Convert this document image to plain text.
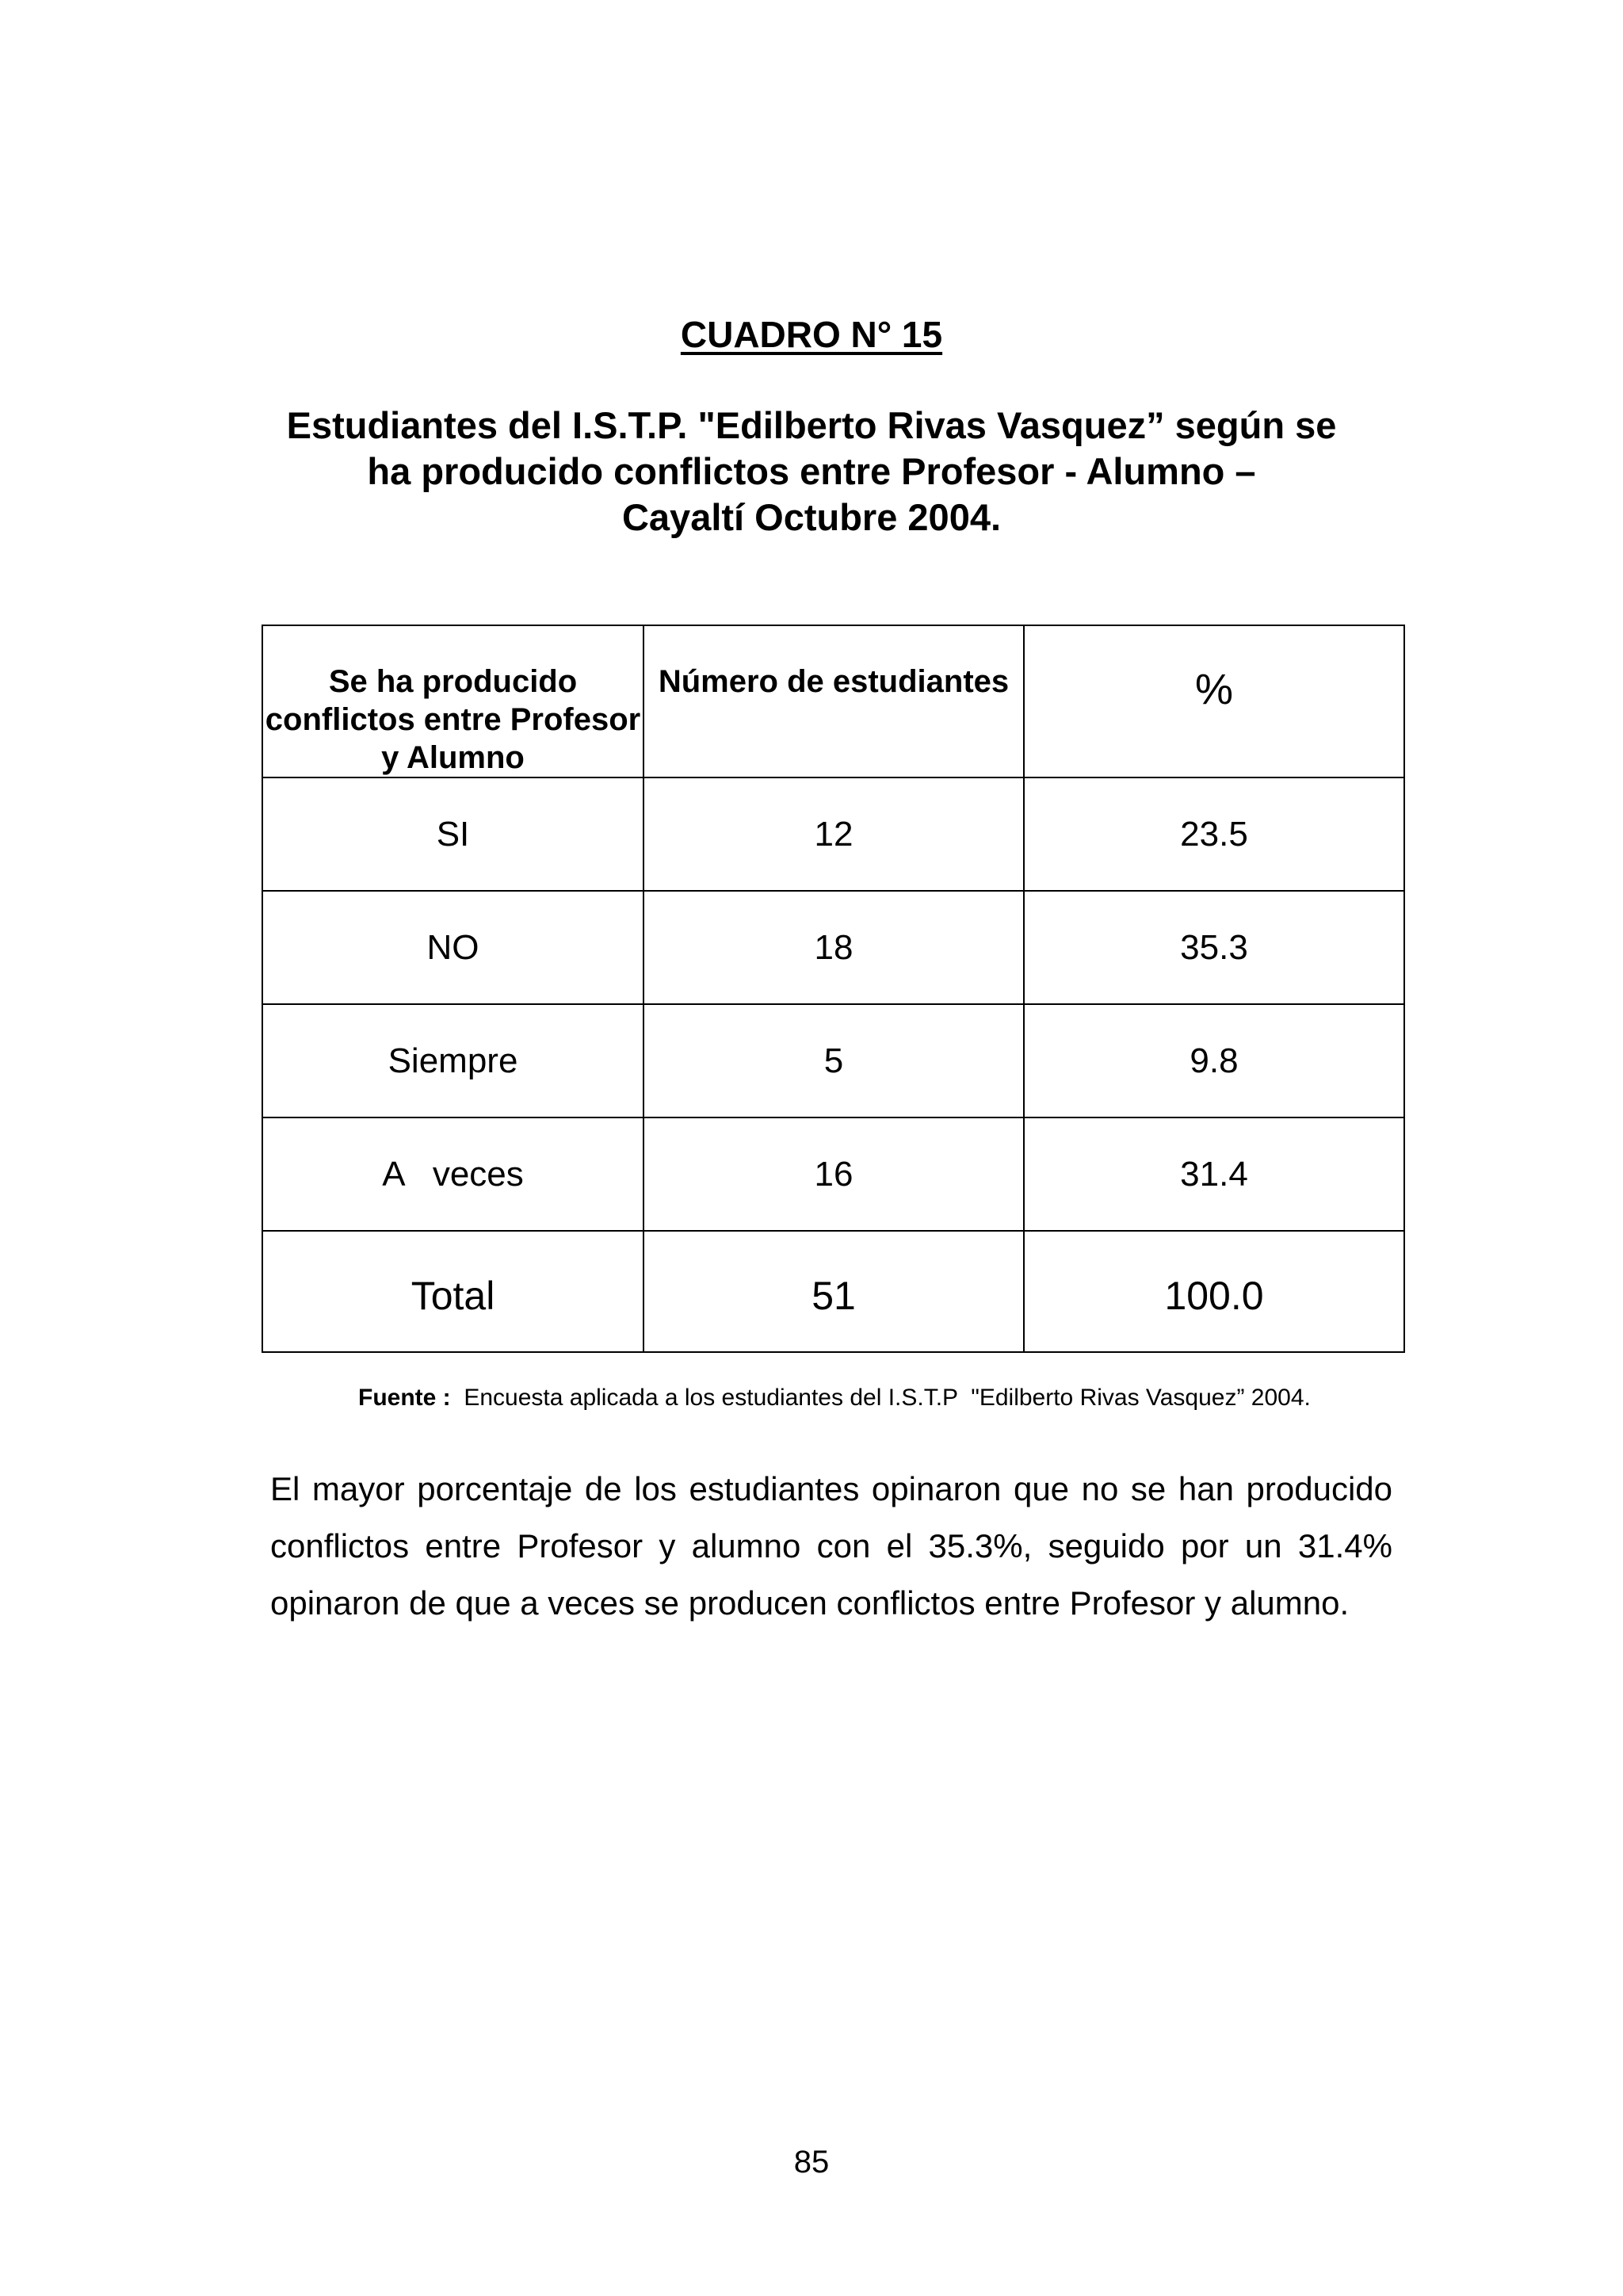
CUADRO N° 15
Estudiantes del I.S.T.P. "Edilberto Rivas Vasquez” según se
ha producido conflictos entre Profesor - Alumno –
Cayaltí Octubre 2004.
Se ha producido conflictos entre Profesor y Alumno	Número de estudiantes	%

SI	12	23.5
NO	18	35.3
Siempre	5	9.8
A   veces	16	31.4
Total	51	100.0
Fuente : Encuesta aplicada a los estudiantes del I.S.T.P  "Edilberto Rivas Vasquez” 2004.
El mayor porcentaje de los estudiantes opinaron que no se han producido conflictos entre Profesor y alumno con el 35.3%, seguido por un 31.4% opinaron de que a veces se producen conflictos entre Profesor y alumno.
85
